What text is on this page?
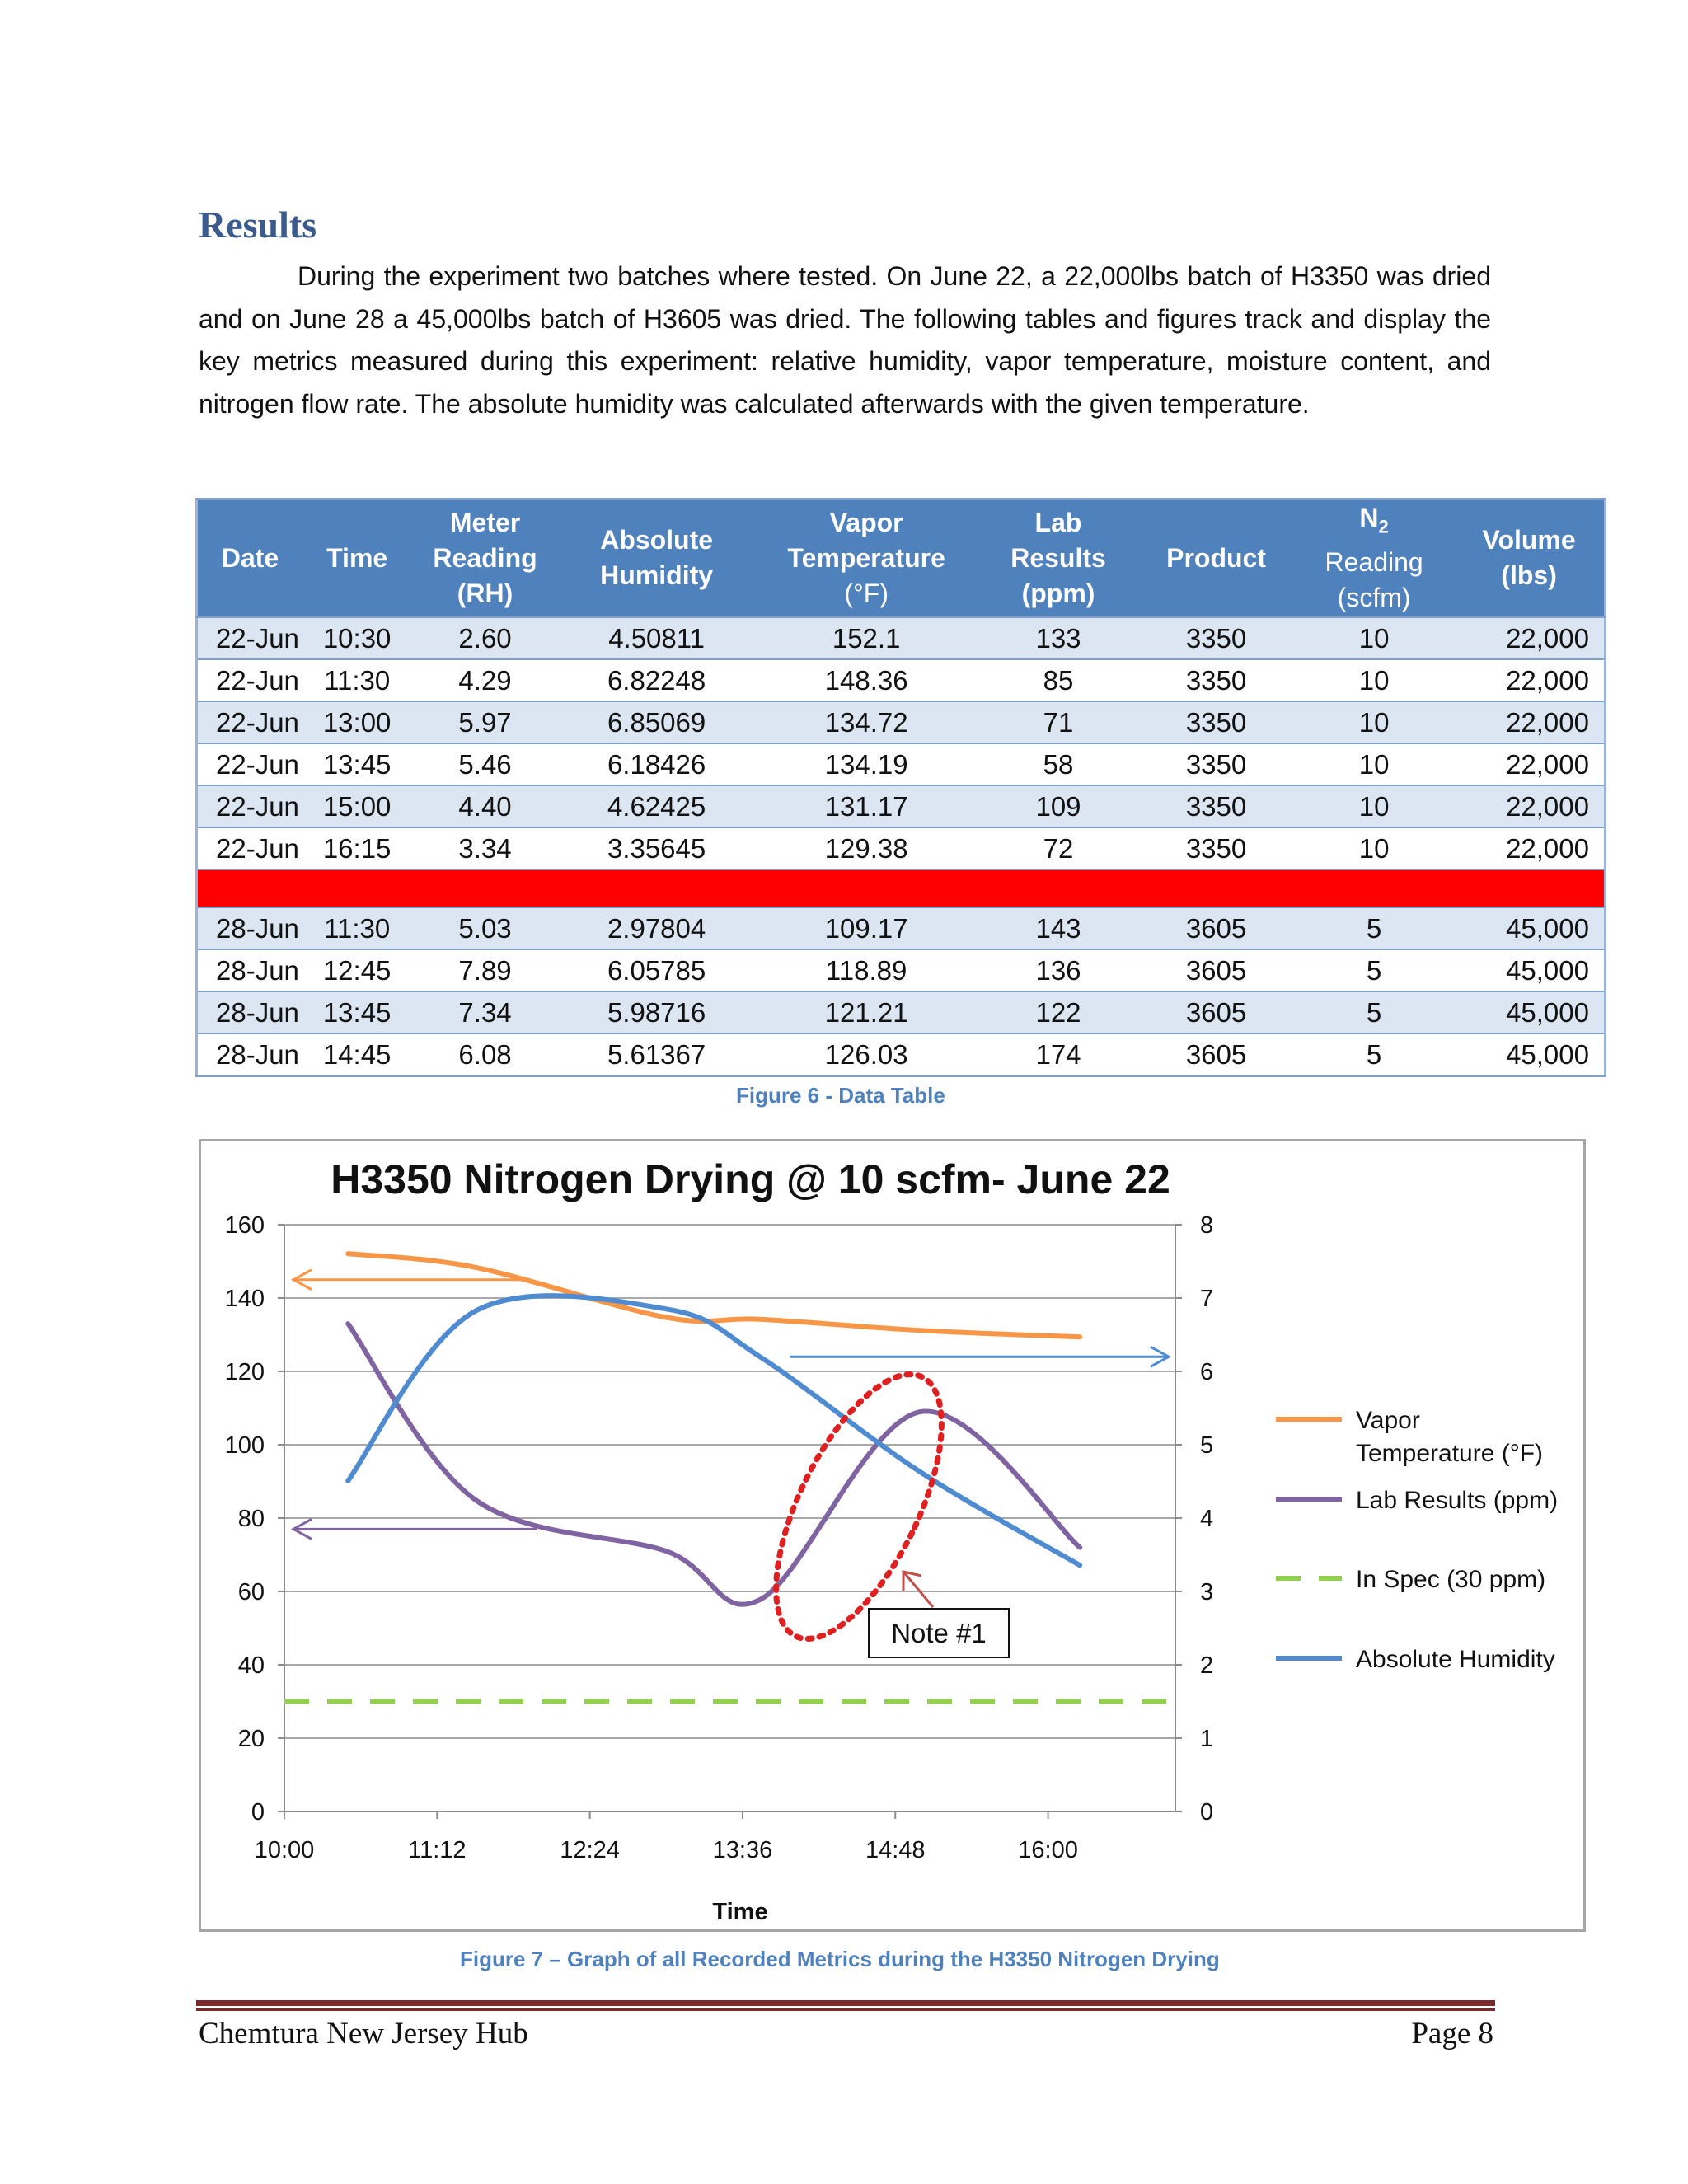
Results

During the experiment two batches where tested. On June 22, a 22,000lbs batch of H3350 was dried and on June 28 a 45,000lbs batch of H3605 was dried. The following tables and figures track and display the key metrics measured during this experiment: relative humidity, vapor temperature, moisture content, and nitrogen flow rate. The absolute humidity was calculated afterwards with the given temperature.

Date	Time	Meter
Reading
(RH)	Absolute
Humidity	Vapor
Temperature
(°F)	Lab
Results
(ppm)	Product	$N_2$
Reading
(scfm)	Volume
(lbs)
22-Jun	10:30	2.60	4.50811	152.1	133	3350	10	22,000
22-Jun	11:30	4.29	6.82248	148.36	85	3350	10	22,000
22-Jun	13:00	5.97	6.85069	134.72	71	3350	10	22,000
22-Jun	13:45	5.46	6.18426	134.19	58	3350	10	22,000
22-Jun	15:00	4.40	4.62425	131.17	109	3350	10	22,000
22-Jun	16:15	3.34	3.35645	129.38	72	3350	10	22,000

28-Jun	11:30	5.03	2.97804	109.17	143	3605	5	45,000
28-Jun	12:45	7.89	6.05785	118.89	136	3605	5	45,000
28-Jun	13:45	7.34	5.98716	121.21	122	3605	5	45,000
28-Jun	14:45	6.08	5.61367	126.03	174	3605	5	45,000

Figure 6 - Data Table

H3350 Nitrogen Drying @ 10 scfm- June 22
0
20
40
60
80
100
120
140
160
0
1
2
3
4
5
6
7
8
10:00	11:12	12:24	13:36	14:48	16:00
Time
Note #1
Vapor Temperature (°F)
Lab Results (ppm)
In Spec (30 ppm)
Absolute Humidity

Figure 7 – Graph of all Recorded Metrics during the H3350 Nitrogen Drying

Chemtura New Jersey Hub	Page 8
